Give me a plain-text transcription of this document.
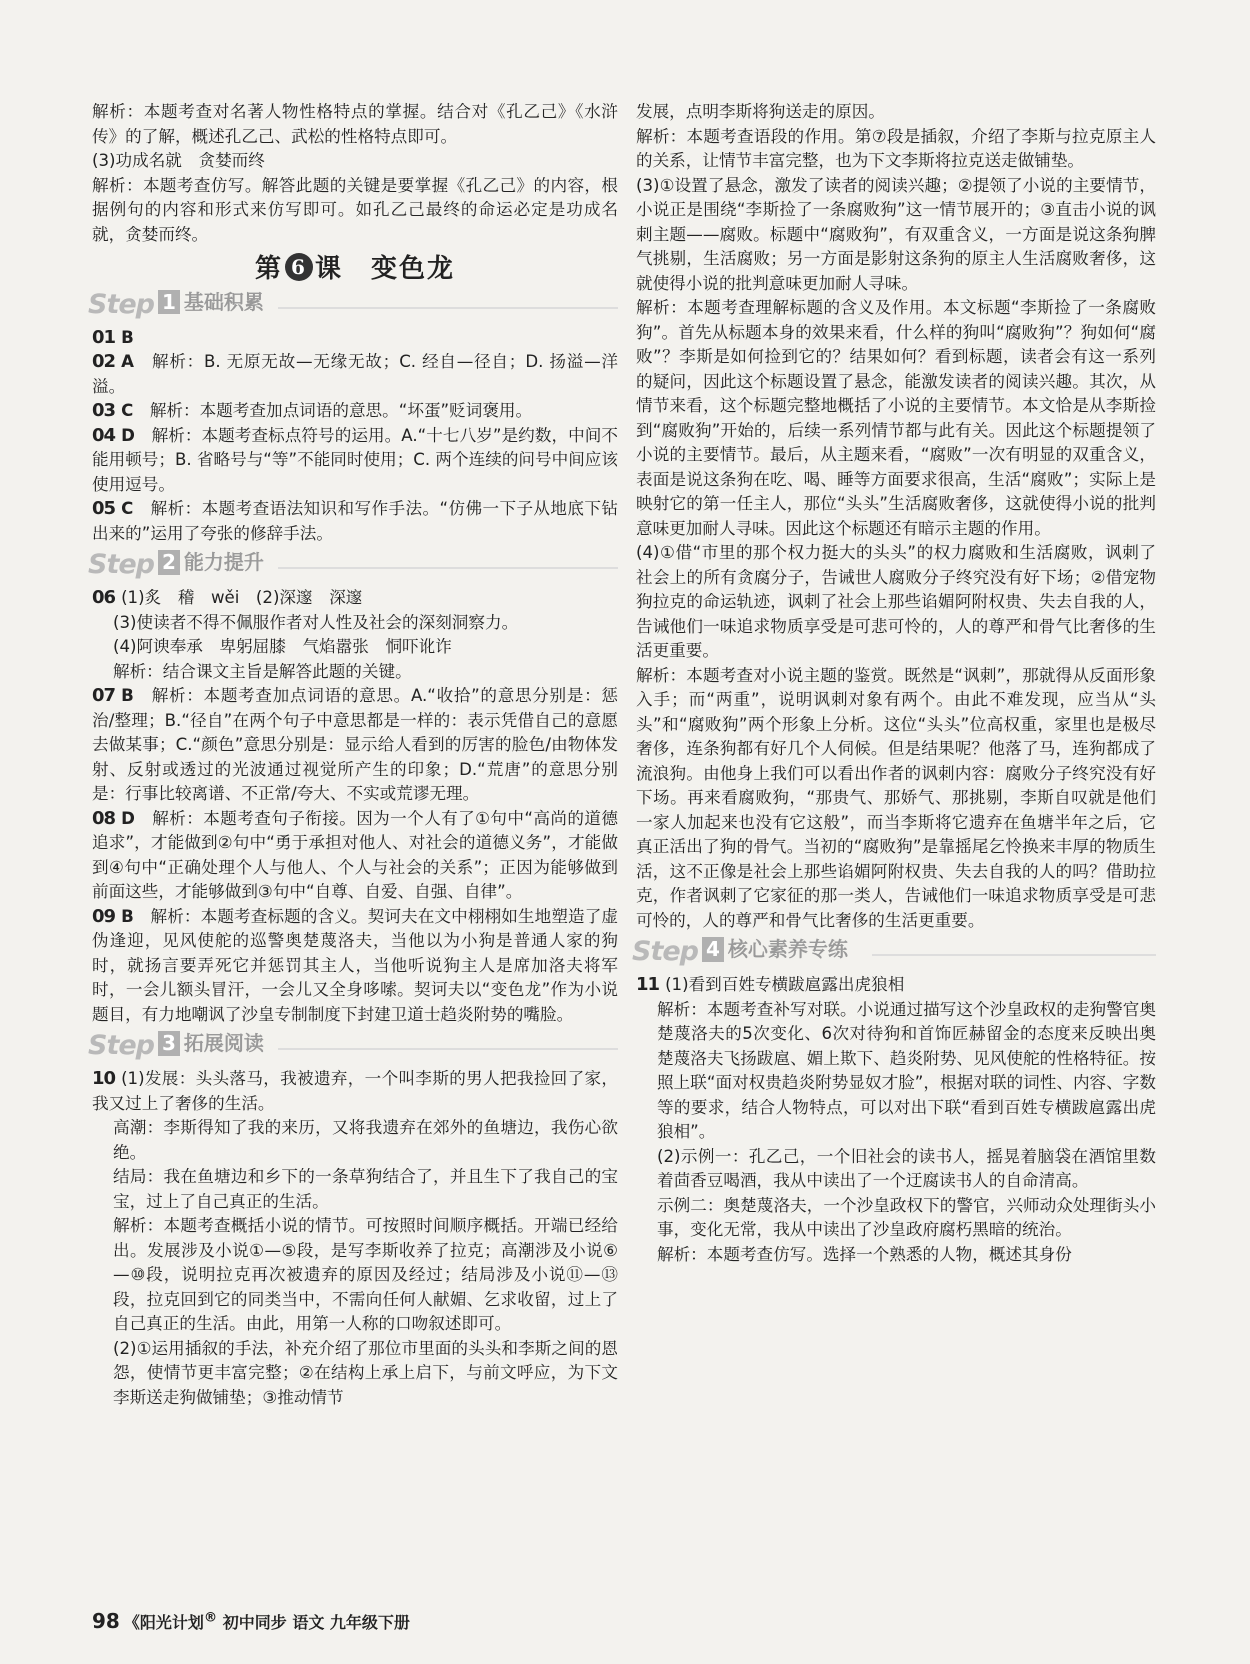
解析：本题考查对名著人物性格特点的掌握。结合对《孔乙己》《水浒传》的了解，概述孔乙己、武松的性格特点即可。

(3)功成名就　贪婪而终

解析：本题考查仿写。解答此题的关键是要掌握《孔乙己》的内容，根据例句的内容和形式来仿写即可。如孔乙己最终的命运必定是功成名就，贪婪而终。

第 6 课　变色龙
Step 1 基础积累

01 B

02 A　 解析：B. 无原无故—无缘无故；C. 经自—径自；D. 扬溢—洋溢。

03 C　 解析：本题考查加点词语的意思。“坏蛋”贬词褒用。

04 D　 解析：本题考查标点符号的运用。A.“十七八岁”是约数，中间不能用顿号；B. 省略号与“等”不能同时使用；C. 两个连续的问号中间应该使用逗号。

05 C　 解析：本题考查语法知识和写作手法。“仿佛一下子从地底下钻出来的”运用了夸张的修辞手法。

Step 2 能力提升

06 (1)炙　稽　wěi　(2)深邃　深邃

(3)使读者不得不佩服作者对人性及社会的深刻洞察力。

(4)阿谀奉承　卑躬屈膝　气焰嚣张　恫吓讹诈

解析：结合课文主旨是解答此题的关键。

07 B　 解析：本题考查加点词语的意思。A.“收拾”的意思分别是：惩治/整理；B.“径自”在两个句子中意思都是一样的：表示凭借自己的意愿去做某事；C.“颜色”意思分别是：显示给人看到的厉害的脸色/由物体发射、反射或透过的光波通过视觉所产生的印象；D.“荒唐”的意思分别是：行事比较离谱、不正常/夸大、不实或荒谬无理。

08 D　 解析：本题考查句子衔接。因为一个人有了①句中“高尚的道德追求”，才能做到②句中“勇于承担对他人、对社会的道德义务”，才能做到④句中“正确处理个人与他人、个人与社会的关系”；正因为能够做到前面这些，才能够做到③句中“自尊、自爱、自强、自律”。

09 B　 解析：本题考查标题的含义。契诃夫在文中栩栩如生地塑造了虚伪逢迎，见风使舵的巡警奥楚蔑洛夫，当他以为小狗是普通人家的狗时，就扬言要弄死它并惩罚其主人，当他听说狗主人是席加洛夫将军时，一会儿额头冒汗，一会儿又全身哆嗦。契诃夫以“变色龙”作为小说题目，有力地嘲讽了沙皇专制制度下封建卫道士趋炎附势的嘴脸。

Step 3 拓展阅读

10 (1)发展：头头落马，我被遗弃，一个叫李斯的男人把我捡回了家，我又过上了奢侈的生活。

高潮：李斯得知了我的来历，又将我遗弃在郊外的鱼塘边，我伤心欲绝。

结局：我在鱼塘边和乡下的一条草狗结合了，并且生下了我自己的宝宝，过上了自己真正的生活。

解析：本题考查概括小说的情节。可按照时间顺序概括。开端已经给出。发展涉及小说①—⑤段，是写李斯收养了拉克；高潮涉及小说⑥—⑩段，说明拉克再次被遗弃的原因及经过；结局涉及小说⑪—⑬段，拉克回到它的同类当中，不需向任何人献媚、乞求收留，过上了自己真正的生活。由此，用第一人称的口吻叙述即可。

(2)①运用插叙的手法，补充介绍了那位市里面的头头和李斯之间的恩怨，使情节更丰富完整；②在结构上承上启下，与前文呼应，为下文李斯送走狗做铺垫；③推动情节

发展，点明李斯将狗送走的原因。

解析：本题考查语段的作用。第⑦段是插叙，介绍了李斯与拉克原主人的关系，让情节丰富完整，也为下文李斯将拉克送走做铺垫。

(3)①设置了悬念，激发了读者的阅读兴趣；②提领了小说的主要情节，小说正是围绕“李斯捡了一条腐败狗”这一情节展开的；③直击小说的讽刺主题——腐败。标题中“腐败狗”，有双重含义，一方面是说这条狗脾气挑剔，生活腐败；另一方面是影射这条狗的原主人生活腐败奢侈，这就使得小说的批判意味更加耐人寻味。

解析：本题考查理解标题的含义及作用。本文标题“李斯捡了一条腐败狗”。首先从标题本身的效果来看，什么样的狗叫“腐败狗”？狗如何“腐败”？李斯是如何捡到它的？结果如何？看到标题，读者会有这一系列的疑问，因此这个标题设置了悬念，能激发读者的阅读兴趣。其次，从情节来看，这个标题完整地概括了小说的主要情节。本文恰是从李斯捡到“腐败狗”开始的，后续一系列情节都与此有关。因此这个标题提领了小说的主要情节。最后，从主题来看，“腐败”一次有明显的双重含义，表面是说这条狗在吃、喝、睡等方面要求很高，生活“腐败”；实际上是映射它的第一任主人，那位“头头”生活腐败奢侈，这就使得小说的批判意味更加耐人寻味。因此这个标题还有暗示主题的作用。

(4)①借“市里的那个权力挺大的头头”的权力腐败和生活腐败，讽刺了社会上的所有贪腐分子，告诫世人腐败分子终究没有好下场；②借宠物狗拉克的命运轨迹，讽刺了社会上那些谄媚阿附权贵、失去自我的人，告诫他们一味追求物质享受是可悲可怜的，人的尊严和骨气比奢侈的生活更重要。

解析：本题考查对小说主题的鉴赏。既然是“讽刺”，那就得从反面形象入手；而“两重”，说明讽刺对象有两个。由此不难发现，应当从“头头”和“腐败狗”两个形象上分析。这位“头头”位高权重，家里也是极尽奢侈，连条狗都有好几个人伺候。但是结果呢？他落了马，连狗都成了流浪狗。由他身上我们可以看出作者的讽刺内容：腐败分子终究没有好下场。再来看腐败狗，“那贵气、那娇气、那挑剔，李斯自叹就是他们一家人加起来也没有它这般”，而当李斯将它遗弃在鱼塘半年之后，它真正活出了狗的骨气。当初的“腐败狗”是靠摇尾乞怜换来丰厚的物质生活，这不正像是社会上那些谄媚阿附权贵、失去自我的人的吗？借助拉克，作者讽刺了它家征的那一类人，告诫他们一味追求物质享受是可悲可怜的，人的尊严和骨气比奢侈的生活更重要。

Step 4 核心素养专练

11 (1)看到百姓专横跋扈露出虎狼相

解析：本题考查补写对联。小说通过描写这个沙皇政权的走狗警官奥楚蔑洛夫的5次变化、6次对待狗和首饰匠赫留金的态度来反映出奥楚蔑洛夫飞扬跋扈、媚上欺下、趋炎附势、见风使舵的性格特征。按照上联“面对权贵趋炎附势显奴才脸”，根据对联的词性、内容、字数等的要求，结合人物特点，可以对出下联“看到百姓专横跋扈露出虎狼相”。

(2)示例一：孔乙己，一个旧社会的读书人，摇晃着脑袋在酒馆里数着茴香豆喝酒，我从中读出了一个迂腐读书人的自命清高。

示例二：奥楚蔑洛夫，一个沙皇政权下的警官，兴师动众处理街头小事，变化无常，我从中读出了沙皇政府腐朽黑暗的统治。

解析：本题考查仿写。选择一个熟悉的人物，概述其身份

98 《阳光计划® 初中同步 语文 九年级下册
